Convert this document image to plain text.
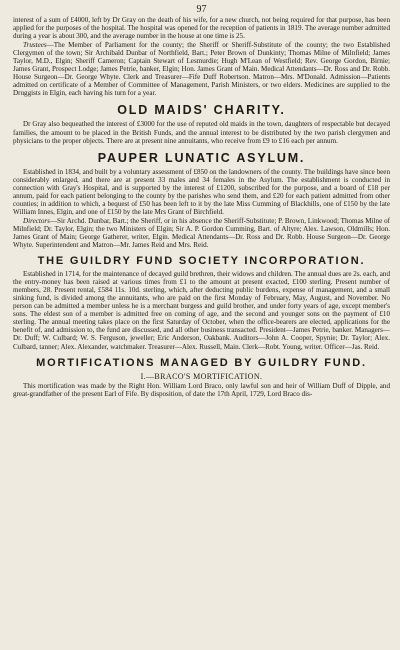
97

interest of a sum of £4000, left by Dr Gray on the death of his wife, for a new church, not being required for that purpose, has been applied for the purposes of the hospital. The hospital was opened for the reception of patients in 1819. The average number admitted during a year is about 300, and the average number in the house at one time is 25.

Trustees—The Member of Parliament for the county; the Sheriff or Sheriff-Substitute of the county; the two Established Clergymen of the town; Sir Archibald Dunbar of Northfield, Bart.; Peter Brown of Dunkinty; Thomas Milne of Milnfield; James Taylor, M.D., Elgin; Sheriff Cameron; Captain Stewart of Lesmurdie; Hugh M'Lean of Westfield; Rev. George Gordon, Birnie; James Grant, Prospect Lodge; James Petrie, banker, Elgin; Hon. James Grant of Main. Medical Attendants—Dr. Ross and Dr. Robb. House Surgeon—Dr. George Whyte. Clerk and Treasurer—Fife Duff Robertson. Matron—Mrs. M'Donald. Admission—Patients admitted on certificate of a Member of Committee of Management, Parish Ministers, or two elders. Medicines are supplied to the Druggists in Elgin, each having his turn for a year.

OLD MAIDS' CHARITY.

Dr Gray also bequeathed the interest of £3000 for the use of reputed old maids in the town, daughters of respectable but decayed families, the amount to be placed in the British Funds, and the annual interest to be distributed by the two parish clergymen and physicians to the proper objects. There are at present nine annuitants, who receive from £9 to £16 each per annum.

PAUPER LUNATIC ASYLUM.

Established in 1834, and built by a voluntary assessment of £850 on the landowners of the county. The buildings have since been considerably enlarged, and there are at present 33 males and 34 females in the Asylum. The establishment is conducted in connection with Gray's Hospital, and is supported by the interest of £1200, subscribed for the purpose, and a board of £18 per annum, paid for each patient belonging to the county by the parishes who send them, and £20 for each patient admitted from other counties; in addition to which, a bequest of £50 has been left to it by the late Miss Cumming of Blackhills, one of £150 by the late William Innes, Elgin, and one of £150 by the late Mrs Grant of Birchfield.

Directors—Sir Archd. Dunbar, Bart.; the Sheriff, or in his absence the Sheriff-Substitute; P. Brown, Linkwood; Thomas Milne of Milnfield; Dr. Taylor, Elgin; the two Ministers of Elgin; Sir A. P. Gordon Cumming, Bart. of Altyre; Alex. Lawson, Oldmills; Hon. James Grant of Main; George Gatherer, writer, Elgin. Medical Attendants—Dr. Ross and Dr. Robb. House Surgeon—Dr. George Whyte. Superintendent and Matron—Mr. James Reid and Mrs. Reid.

THE GUILDRY FUND SOCIETY INCORPORATION.

Established in 1714, for the maintenance of decayed guild brethren, their widows and children. The annual dues are 2s. each, and the entry-money has been raised at various times from £1 to the amount at present exacted, £100 sterling. Present number of members, 28. Present rental, £584 11s. 10d. sterling, which, after deducting public burdens, expense of management, and a small sinking fund, is divided among the annuitants, who are paid on the first Monday of February, May, August, and November. No person can be admitted a member unless he is a merchant burgess and guild brother, and under forty years of age, except member's sons. The eldest son of a member is admitted free on coming of age, and the second and younger sons on the payment of £10 sterling. The annual meeting takes place on the first Saturday of October, when the office-bearers are elected, applications for the benefit of, and admission to, the fund are discussed, and all other business transacted. President—James Petrie, banker. Managers—Dr. Duff; W. Culbard; W. S. Ferguson, jeweller; Eric Anderson, Oakbank. Auditors—John A. Cooper, Spynie; Dr. Taylor; Alex. Culbard, tanner; Alex. Alexander, watchmaker. Treasurer—Alex. Russell, Main. Clerk—Robt. Young, writer. Officer—Jas. Reid.

MORTIFICATIONS MANAGED BY GUILDRY FUND.
I.—BRACO'S MORTIFICATION.

This mortification was made by the Right Hon. William Lord Braco, only lawful son and heir of William Duff of Dipple, and great-grandfather of the present Earl of Fife. By disposition, of date the 17th April, 1729, Lord Braco dis-
